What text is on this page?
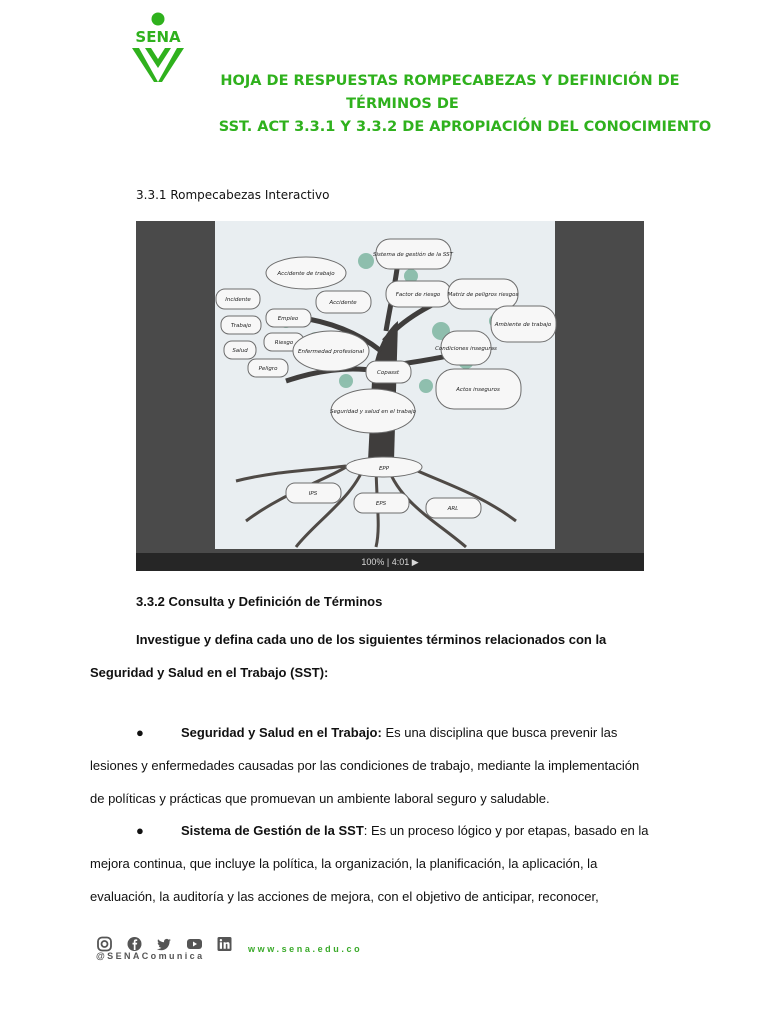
SENA
HOJA DE RESPUESTAS ROMPECABEZAS Y DEFINICIÓN DE
TÉRMINOS DE
SST. ACT 3.3.1 Y 3.3.2 DE APROPIACIÓN DEL CONOCIMIENTO
3.3.1 Rompecabezas Interactivo
Accidente de trabajo
Sistema de gestión de la SST
Incidente	Accidente
Factor de riesgo Matriz de peligros riesgos
Trabajo
Empleo
Ambiente de trabajo
Salud
Riesgo
Enfermedad profesional	Condiciones inseguras
Peligro
Copasst
Actos inseguros
Seguridad y salud en el trabajo
EPP
IPS
EPS
ARL
100% | 4:01 ▶
3.3.2 Consulta y Definición de Términos
Investigue y defina cada uno de los siguientes términos relacionados con la
Seguridad y Salud en el Trabajo (SST):
●	Seguridad y Salud en el Trabajo: Es una disciplina que busca prevenir las
lesiones y enfermedades causadas por las condiciones de trabajo, mediante la implementación
de políticas y prácticas que promuevan un ambiente laboral seguro y saludable.
●	Sistema de Gestión de la SST: Es un proceso lógico y por etapas, basado en la
mejora continua, que incluye la política, la organización, la planificación, la aplicación, la
evaluación, la auditoría y las acciones de mejora, con el objetivo de anticipar, reconocer,
@SENAComunica
www.sena.edu.co
